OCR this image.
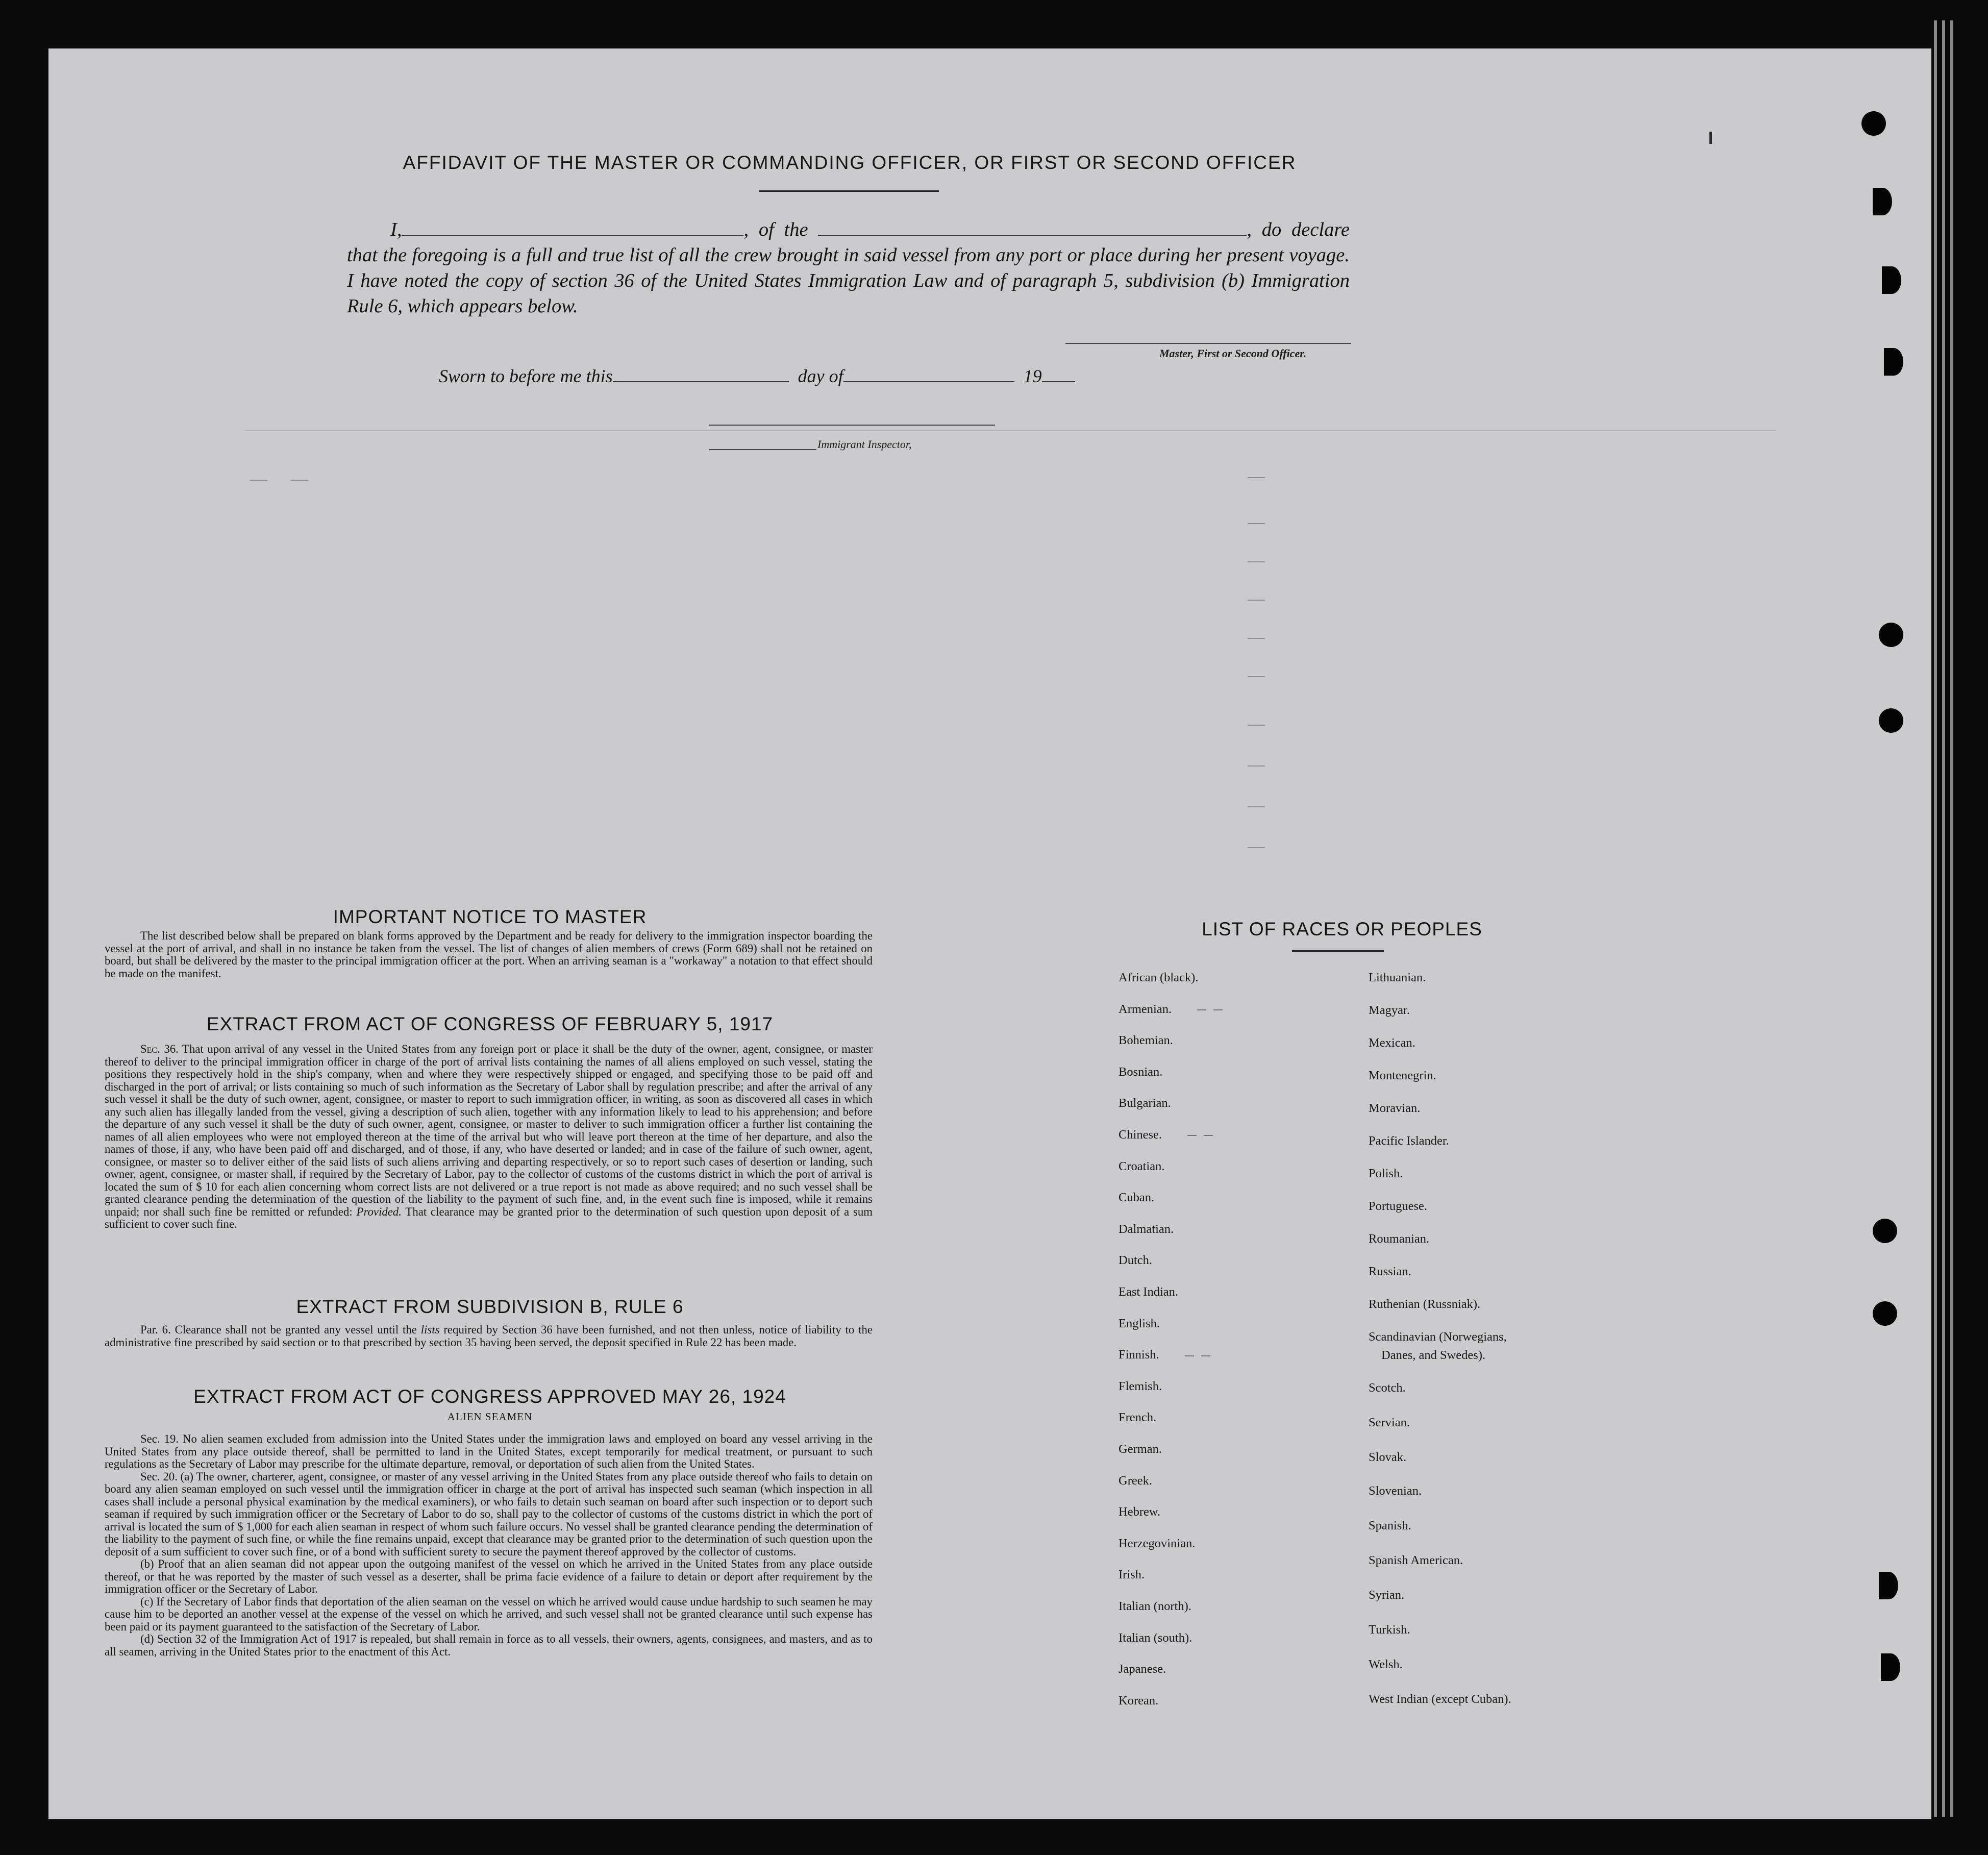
AFFIDAVIT OF THE MASTER OR COMMANDING OFFICER, OR FIRST OR SECOND OFFICER
I,	, of the	, do declare that the foregoing is a full and true list of all the crew brought in said vessel from any port or place during her present voyage. I have noted the copy of section 36 of the United States Immigration Law and of paragraph 5, subdivision (b) Immigration Rule 6, which appears below.
Master, First or Second Officer.
Sworn to before me this	day of	19
Immigrant Inspector,
IMPORTANT NOTICE TO MASTER

The list described below shall be prepared on blank forms approved by the Department and be ready for delivery to the immigration inspector boarding the vessel at the port of arrival, and shall in no instance be taken from the vessel. The list of changes of alien members of crews (Form 689) shall not be retained on board, but shall be delivered by the master to the principal immigration officer at the port. When an arriving seaman is a "workaway" a notation to that effect should be made on the manifest.

EXTRACT FROM ACT OF CONGRESS OF FEBRUARY 5, 1917

Sec. 36. That upon arrival of any vessel in the United States from any foreign port or place it shall be the duty of the owner, agent, consignee, or master thereof to deliver to the principal immigration officer in charge of the port of arrival lists containing the names of all aliens employed on such vessel, stating the positions they respectively hold in the ship's company, when and where they were respectively shipped or engaged, and specifying those to be paid off and discharged in the port of arrival; or lists containing so much of such information as the Secretary of Labor shall by regulation prescribe; and after the arrival of any such vessel it shall be the duty of such owner, agent, consignee, or master to report to such immigration officer, in writing, as soon as discovered all cases in which any such alien has illegally landed from the vessel, giving a description of such alien, together with any information likely to lead to his apprehension; and before the departure of any such vessel it shall be the duty of such owner, agent, consignee, or master to deliver to such immigration officer a further list containing the names of all alien employees who were not employed thereon at the time of the arrival but who will leave port thereon at the time of her departure, and also the names of those, if any, who have been paid off and discharged, and of those, if any, who have deserted or landed; and in case of the failure of such owner, agent, consignee, or master so to deliver either of the said lists of such aliens arriving and departing respectively, or so to report such cases of desertion or landing, such owner, agent, consignee, or master shall, if required by the Secretary of Labor, pay to the collector of customs of the customs district in which the port of arrival is located the sum of $ 10 for each alien concerning whom correct lists are not delivered or a true report is not made as above required; and no such vessel shall be granted clearance pending the determination of the question of the liability to the payment of such fine, and, in the event such fine is imposed, while it remains unpaid; nor shall such fine be remitted or refunded: Provided. That clearance may be granted prior to the determination of such question upon deposit of a sum sufficient to cover such fine.

EXTRACT FROM SUBDIVISION B, RULE 6

Par. 6. Clearance shall not be granted any vessel until the lists required by Section 36 have been furnished, and not then unless, notice of liability to the administrative fine prescribed by said section or to that prescribed by section 35 having been served, the deposit specified in Rule 22 has been made.

EXTRACT FROM ACT OF CONGRESS APPROVED MAY 26, 1924
ALIEN SEAMEN

Sec. 19. No alien seamen excluded from admission into the United States under the immigration laws and employed on board any vessel arriving in the United States from any place outside thereof, shall be permitted to land in the United States, except temporarily for medical treatment, or pursuant to such regulations as the Secretary of Labor may prescribe for the ultimate departure, removal, or deportation of such alien from the United States.

Sec. 20. (a) The owner, charterer, agent, consignee, or master of any vessel arriving in the United States from any place outside thereof who fails to detain on board any alien seaman employed on such vessel until the immigration officer in charge at the port of arrival has inspected such seaman (which inspection in all cases shall include a personal physical examination by the medical examiners), or who fails to detain such seaman on board after such inspection or to deport such seaman if required by such immigration officer or the Secretary of Labor to do so, shall pay to the collector of customs of the customs district in which the port of arrival is located the sum of $ 1,000 for each alien seaman in respect of whom such failure occurs. No vessel shall be granted clearance pending the determination of the liability to the payment of such fine, or while the fine remains unpaid, except that clearance may be granted prior to the determination of such question upon the deposit of a sum sufficient to cover such fine, or of a bond with sufficient surety to secure the payment thereof approved by the collector of customs.

(b) Proof that an alien seaman did not appear upon the outgoing manifest of the vessel on which he arrived in the United States from any place outside thereof, or that he was reported by the master of such vessel as a deserter, shall be prima facie evidence of a failure to detain or deport after requirement by the immigration officer or the Secretary of Labor.

(c) If the Secretary of Labor finds that deportation of the alien seaman on the vessel on which he arrived would cause undue hardship to such seamen he may cause him to be deported an another vessel at the expense of the vessel on which he arrived, and such vessel shall not be granted clearance until such expense has been paid or its payment guaranteed to the satisfaction of the Secretary of Labor.

(d) Section 32 of the Immigration Act of 1917 is repealed, but shall remain in force as to all vessels, their owners, agents, consignees, and masters, and as to all seamen, arriving in the United States prior to the enactment of this Act.

LIST OF RACES OR PEOPLES
African (black).
Armenian.
Bohemian.
Bosnian.
Bulgarian.
Chinese.
Croatian.
Cuban.
Dalmatian.
Dutch.
East Indian.
English.
Finnish.
Flemish.
French.
German.
Greek.
Hebrew.
Herzegovinian.
Irish.
Italian (north).
Italian (south).
Japanese.
Korean.
Lithuanian.
Magyar.
Mexican.
Montenegrin.
Moravian.
Pacific Islander.
Polish.
Portuguese.
Roumanian.
Russian.
Ruthenian (Russniak).
Scandinavian (Norwegians,
Danes, and Swedes).
Scotch.
Servian.
Slovak.
Slovenian.
Spanish.
Spanish American.
Syrian.
Turkish.
Welsh.
West Indian (except Cuban).
